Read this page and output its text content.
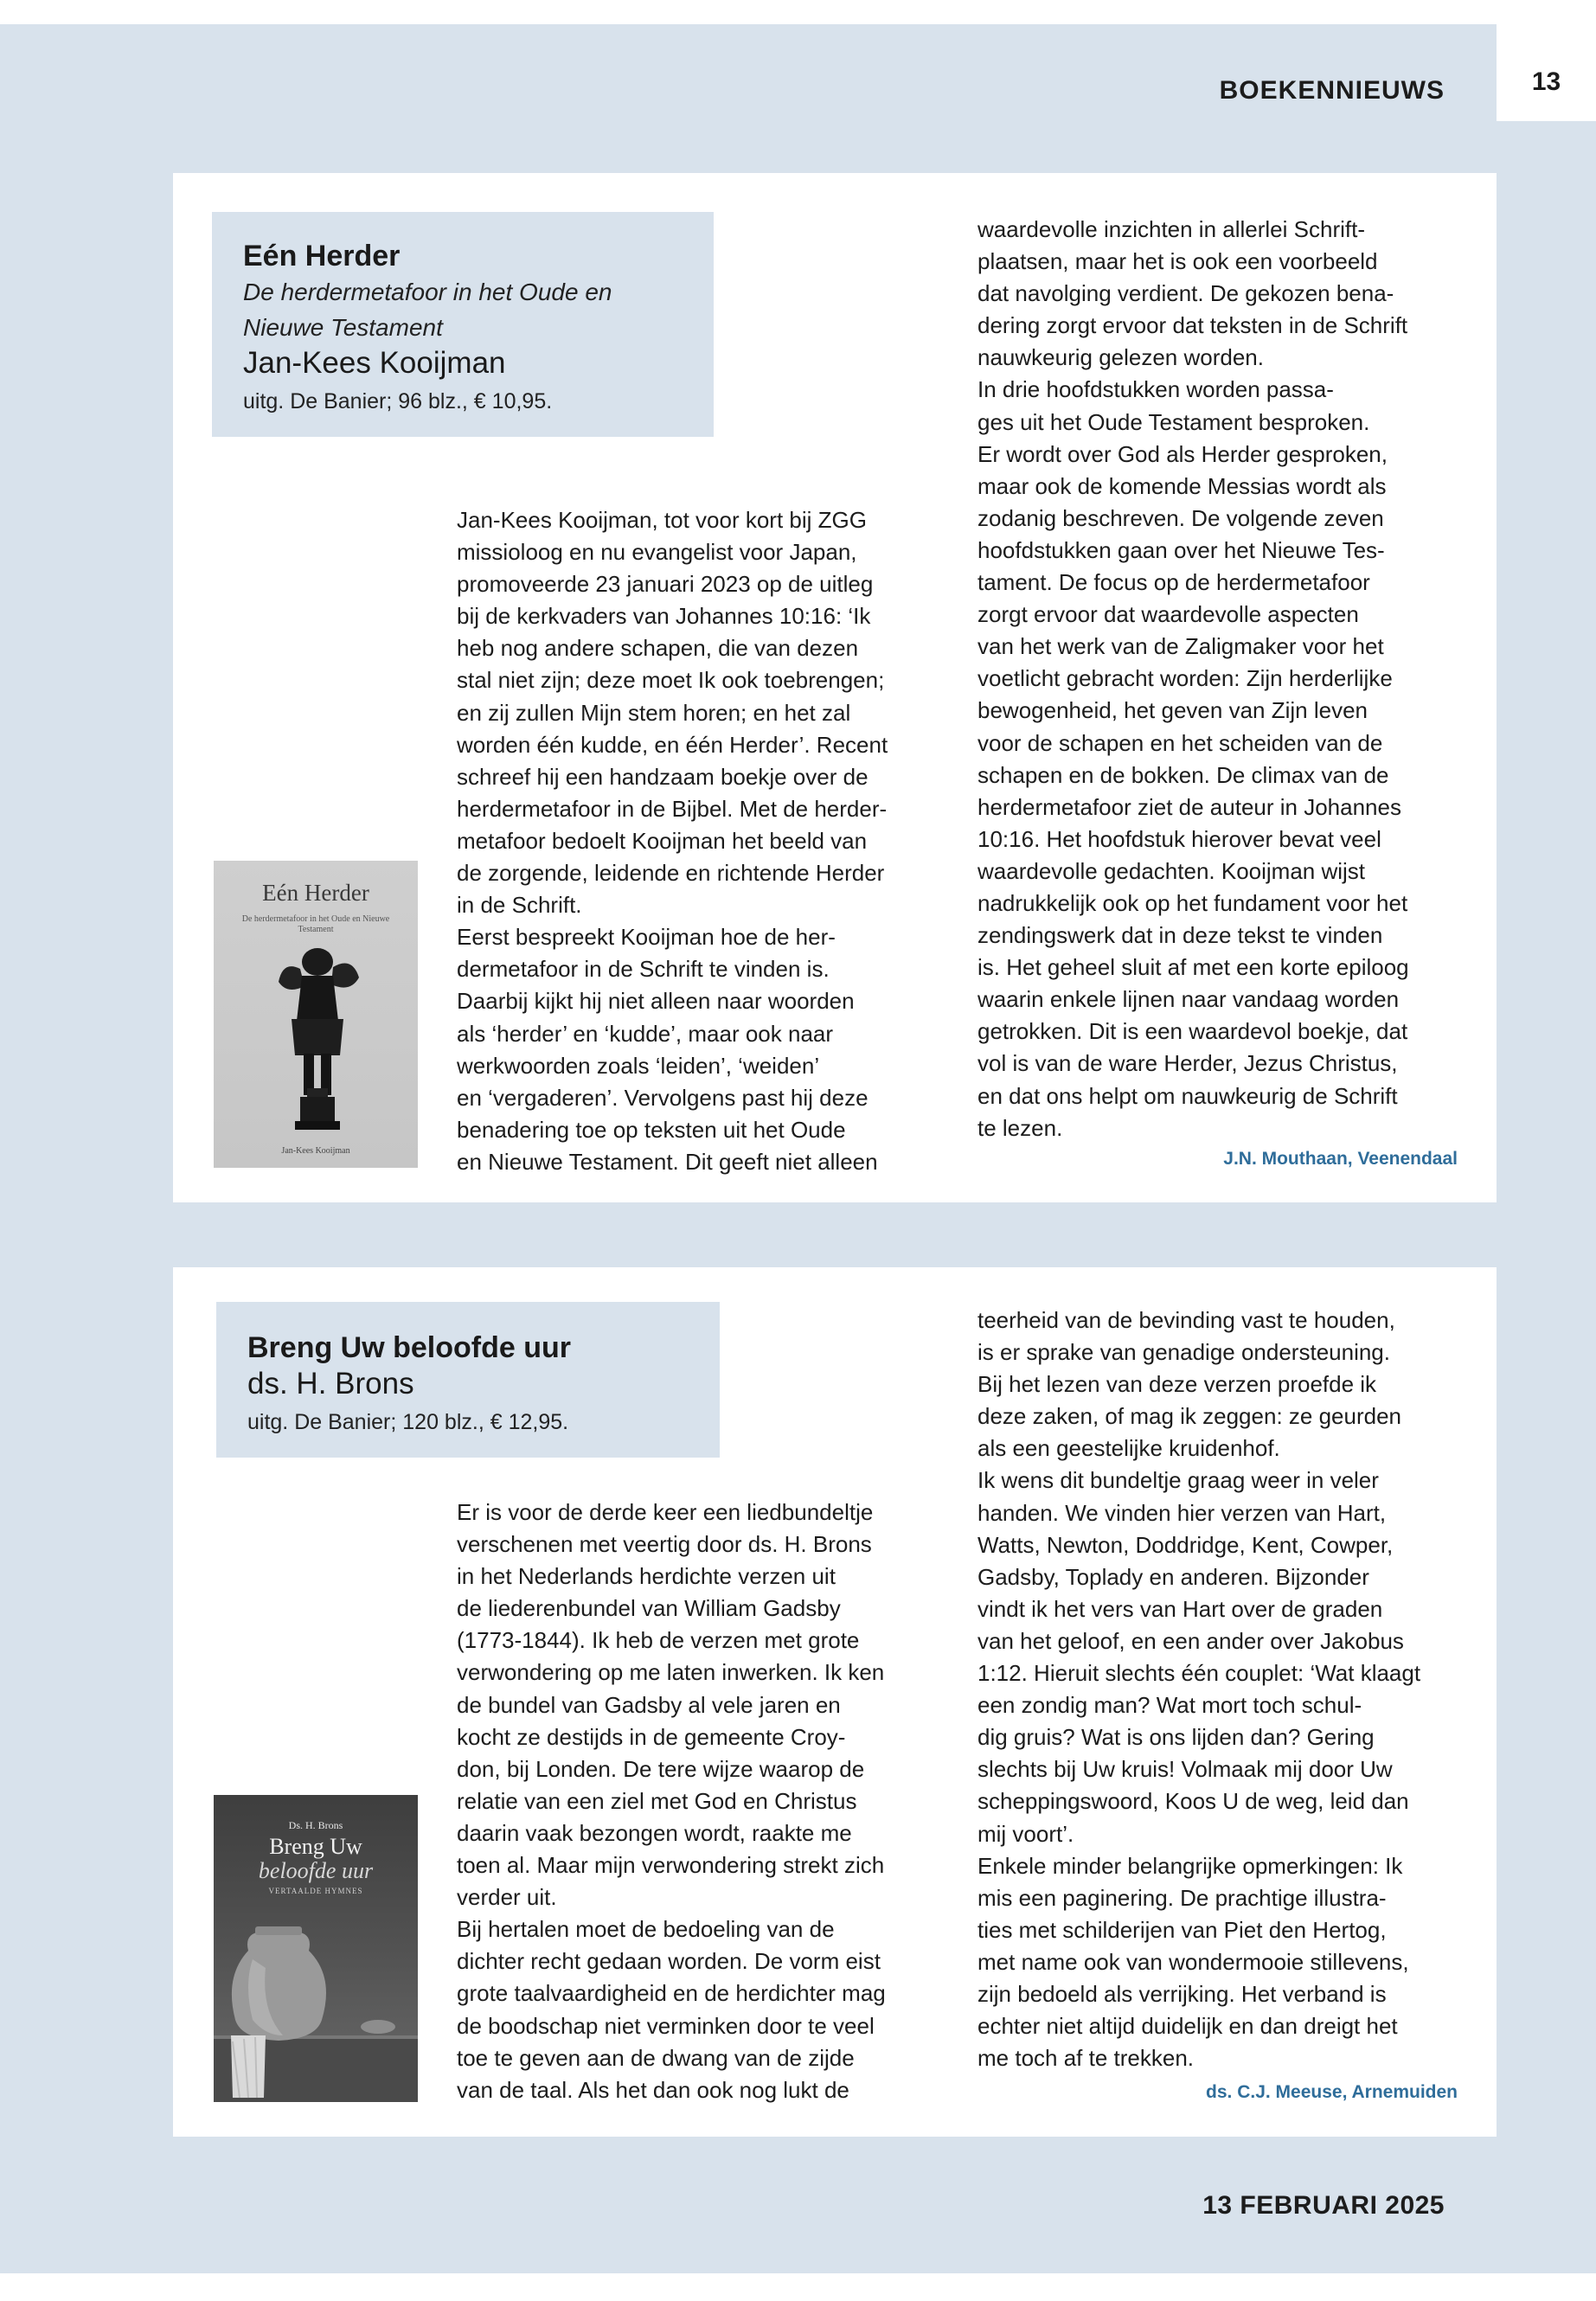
13
BOEKENNIEUWS
Eén Herder
De herdermetafoor in het Oude en
Nieuwe Testament
Jan-Kees Kooijman
uitg. De Banier; 96 blz., € 10,95.
Eén Herder
De herdermetafoor in het Oude en Nieuwe Testament
Jan-Kees Kooijman

Jan-Kees Kooijman, tot voor kort bij ZGG

missioloog en nu evangelist voor Japan,

promoveerde 23 januari 2023 op de uitleg

bij de kerkvaders van Johannes 10:16: ‘Ik

heb nog andere schapen, die van dezen

stal niet zijn; deze moet Ik ook toebrengen;

en zij zullen Mijn stem horen; en het zal

worden één kudde, en één Herder’. Recent

schreef hij een handzaam boekje over de

herdermetafoor in de Bijbel. Met de herder-

metafoor bedoelt Kooijman het beeld van

de zorgende, leidende en richtende Herder

in de Schrift.

Eerst bespreekt Kooijman hoe de her-

dermetafoor in de Schrift te vinden is.

Daarbij kijkt hij niet alleen naar woorden

als ‘herder’ en ‘kudde’, maar ook naar

werkwoorden zoals ‘leiden’, ‘weiden’

en ‘vergaderen’. Vervolgens past hij deze

benadering toe op teksten uit het Oude

en Nieuwe Testament. Dit geeft niet alleen

waardevolle inzichten in allerlei Schrift-

plaatsen, maar het is ook een voorbeeld

dat navolging verdient. De gekozen bena-

dering zorgt ervoor dat teksten in de Schrift

nauwkeurig gelezen worden.

In drie hoofdstukken worden passa-

ges uit het Oude Testament besproken.

Er wordt over God als Herder gesproken,

maar ook de komende Messias wordt als

zodanig beschreven. De volgende zeven

hoofdstukken gaan over het Nieuwe Tes-

tament. De focus op de herdermetafoor

zorgt ervoor dat waardevolle aspecten

van het werk van de Zaligmaker voor het

voetlicht gebracht worden: Zijn herderlijke

bewogenheid, het geven van Zijn leven

voor de schapen en het scheiden van de

schapen en de bokken. De climax van de

herdermetafoor ziet de auteur in Johannes

10:16. Het hoofdstuk hierover bevat veel

waardevolle gedachten. Kooijman wijst

nadrukkelijk ook op het fundament voor het

zendingswerk dat in deze tekst te vinden

is. Het geheel sluit af met een korte epiloog

waarin enkele lijnen naar vandaag worden

getrokken. Dit is een waardevol boekje, dat

vol is van de ware Herder, Jezus Christus,

en dat ons helpt om nauwkeurig de Schrift

te lezen.

J.N. Mouthaan, Veenendaal
Breng Uw beloofde uur
ds. H. Brons
uitg. De Banier; 120 blz., € 12,95.
Ds. H. Brons
Breng Uw
beloofde uur
VERTAALDE HYMNES

Er is voor de derde keer een liedbundeltje

verschenen met veertig door ds. H. Brons

in het Nederlands herdichte verzen uit

de liederenbundel van William Gadsby

(1773-1844). Ik heb de verzen met grote

verwondering op me laten inwerken. Ik ken

de bundel van Gadsby al vele jaren en

kocht ze destijds in de gemeente Croy-

don, bij Londen. De tere wijze waarop de

relatie van een ziel met God en Christus

daarin vaak bezongen wordt, raakte me

toen al. Maar mijn verwondering strekt zich

verder uit.

Bij hertalen moet de bedoeling van de

dichter recht gedaan worden. De vorm eist

grote taalvaardigheid en de herdichter mag

de boodschap niet verminken door te veel

toe te geven aan de dwang van de zijde

van de taal. Als het dan ook nog lukt de

teerheid van de bevinding vast te houden,

is er sprake van genadige ondersteuning.

Bij het lezen van deze verzen proefde ik

deze zaken, of mag ik zeggen: ze geurden

als een geestelijke kruidenhof.

Ik wens dit bundeltje graag weer in veler

handen. We vinden hier verzen van Hart,

Watts, Newton, Doddridge, Kent, Cowper,

Gadsby, Toplady en anderen. Bijzonder

vindt ik het vers van Hart over de graden

van het geloof, en een ander over Jakobus

1:12. Hieruit slechts één couplet: ‘Wat klaagt

een zondig man? Wat mort toch schul-

dig gruis? Wat is ons lijden dan? Gering

slechts bij Uw kruis! Volmaak mij door Uw

scheppingswoord, Koos U de weg, leid dan

mij voort’.

Enkele minder belangrijke opmerkingen: Ik

mis een paginering. De prachtige illustra-

ties met schilderijen van Piet den Hertog,

met name ook van wondermooie stillevens,

zijn bedoeld als verrijking. Het verband is

echter niet altijd duidelijk en dan dreigt het

me toch af te trekken.

ds. C.J. Meeuse, Arnemuiden
13 FEBRUARI 2025
